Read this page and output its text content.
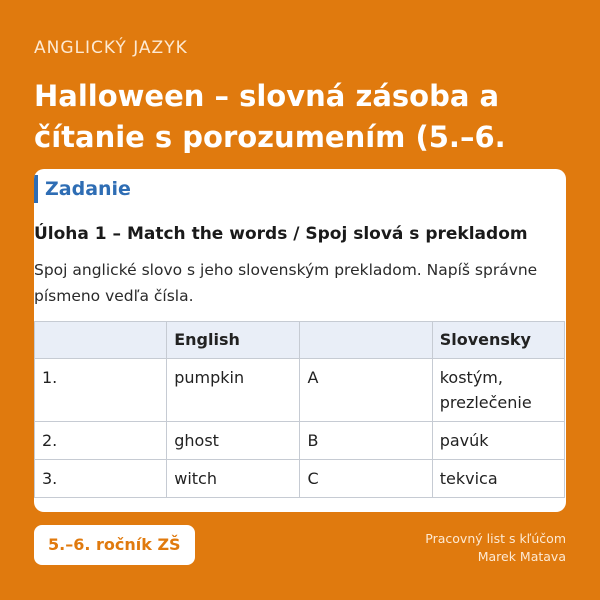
ANGLICKÝ JAZYK
Halloween – slovná zásoba a
čítanie s porozumením (5.–6.
Zadanie
Úloha 1 – Match the words / Spoj slová s prekladom
Spoj anglické slovo s jeho slovenským prekladom. Napíš správne písmeno vedľa čísla.
	English		Slovensky
1.	pumpkin	A	kostým, prezlečenie
2.	ghost	B	pavúk
3.	witch	C	tekvica
5.–6. ročník ZŠ	Pracovný list s kľúčom
Marek Matava
